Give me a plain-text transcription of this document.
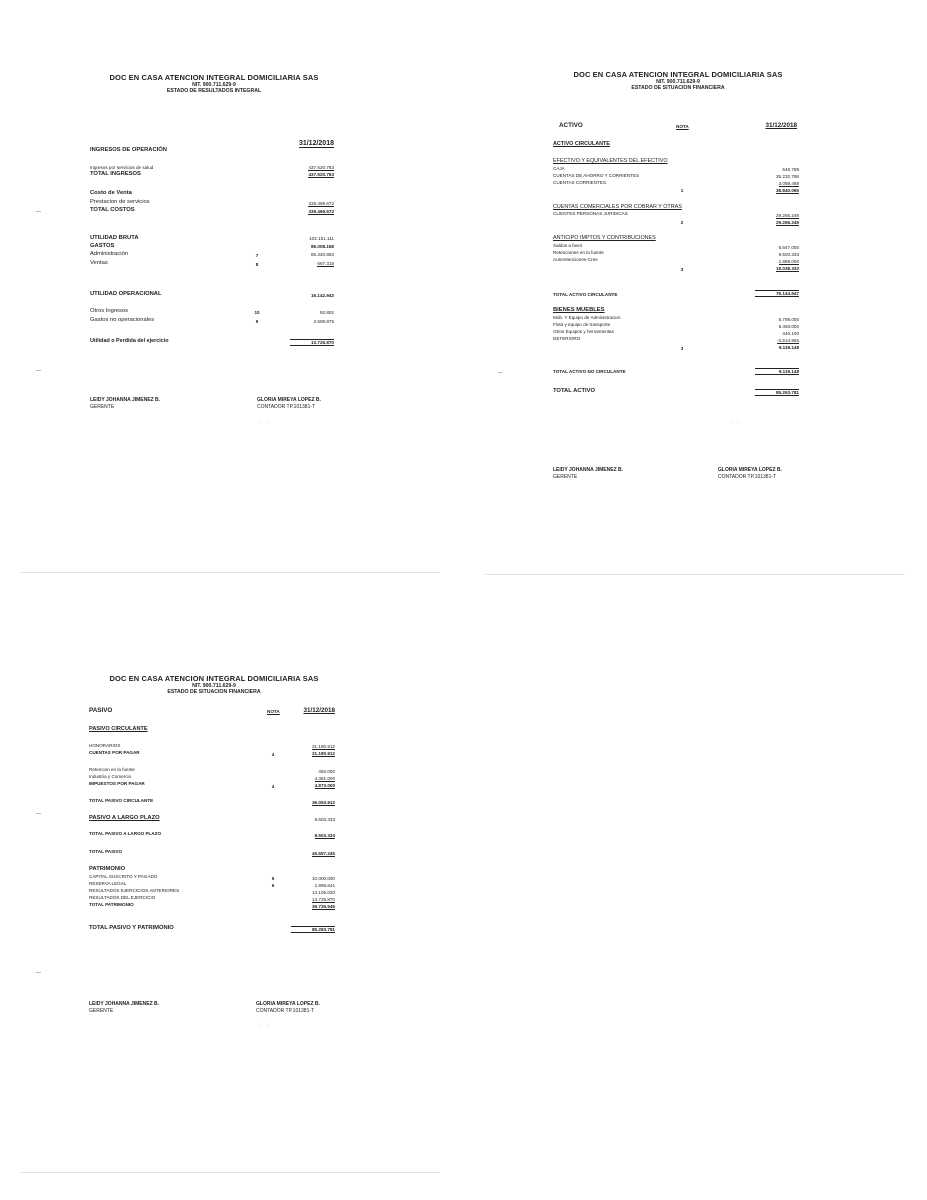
DOC EN CASA ATENCION INTEGRAL DOMICILIARIA SAS
NIT. 900.711.629-9
ESTADO DE RESULTADOS INTEGRAL
31/12/2018
INGRESOS DE OPERACIÓN
Ingresos por servicios de salud	437.620.783
TOTAL INGRESOS	437.620.783
Costo de Venta
Prestacion de servicios	335.469.672
TOTAL COSTOS	335.469.672
UTILIDAD BRUTA	102.151.111
GASTOS	86.008.168
Administración	7	85.340.853
Ventas	8	667.315
UTILIDAD OPERACIONAL	16.142.943
Otros Ingresos	10	92.802
Gastos no operacionales	9	2.509.875
Utilidad o Perdida del ejercicio	13.725.870
LEIDY JOHANNA JIMENEZ B.
GERENTE
GLORIA MIREYA LOPEZ B.
CONTADOR TP.101381-T
DOC EN CASA ATENCION INTEGRAL DOMICILIARIA SAS
NIT. 900.711.629-9
ESTADO DE SITUACION FINANCIERA
ACTIVO	NOTA	31/12/2018
ACTIVO CIRCULANTE
EFECTIVO Y EQUIVALENTES DEL EFECTIVO
CAJA	548.789
CUENTAS DE AHORRO Y CORRIENTES	35.232.788
CUENTAS CORRIENTES	3.058.488
1	38.840.065
CUENTAS COMERCIALES POR COBRAR Y OTRAS
CLIENTES PERSONAS JURIDICAS	29.266.249
2	29.266.249
ANTICIPO IMPTOS Y CONTRIBUCIONES
Saldos a favor	6.647.000
Retenciones en la fuente	9.503.333
Autoretenciones-Cree	1.888.000
3	18.038.333
TOTAL ACTIVO CIRCULANTE	76.144.647
BIENES MUEBLES
Mob. Y Equipo de Administracion	5.798.000
Flota y equipo de transporte	5.493.000
Otros Equipos y herramientas	346.100
DETERIORO	-2.514.955
3	9.119.148
TOTAL ACTIVO NO CIRCULANTE	9.119.148
TOTAL ACTIVO	85.263.781
LEIDY JOHANNA JIMENEZ B.
GERENTE
GLORIA MIREYA LOPEZ B.
CONTADOR TP.101381-T
DOC EN CASA ATENCION INTEGRAL DOMICILIARIA SAS
NIT. 900.711.629-9
ESTADO DE SITUACION FINANCIERA
PASIVO	NOTA	31/12/2018
PASIVO CIRCULANTE
HONORARIOS	31.180.912
CUENTAS POR PAGAR	4	31.180.912
Retencion en la fuente	492.000
Industria y Comercio	4.381.000
IMPUESTOS POR PAGAR
4	4.873.000
TOTAL PASIVO CIRCULANTE	36.053.912
PASIVO A LARGO PLAZO	9.503.333
TOTAL PASIVO A LARGO PLAZO	9.503.333
TOTAL PASIVO	45.557.245
PATRIMONIO
CAPITAL SUSCRITO Y PAGADO	5	10.000.000
RESERVA LEGAL	6	1.895.641
RESULTADOS EJERCICIOS ANTERIORES	14.105.020
RESULTADOS DEL EJERCICIO	13.725.870
TOTAL PATRIMONIO	39.726.546
TOTAL PASIVO Y PATRIMONIO	85.283.781
LEIDY JOHANNA JIMENEZ B.
GERENTE
GLORIA MIREYA LOPEZ B.
CONTADOR TP.101381-T
⁘ ⁘	⁘ ⁘
⁘ ⁘
